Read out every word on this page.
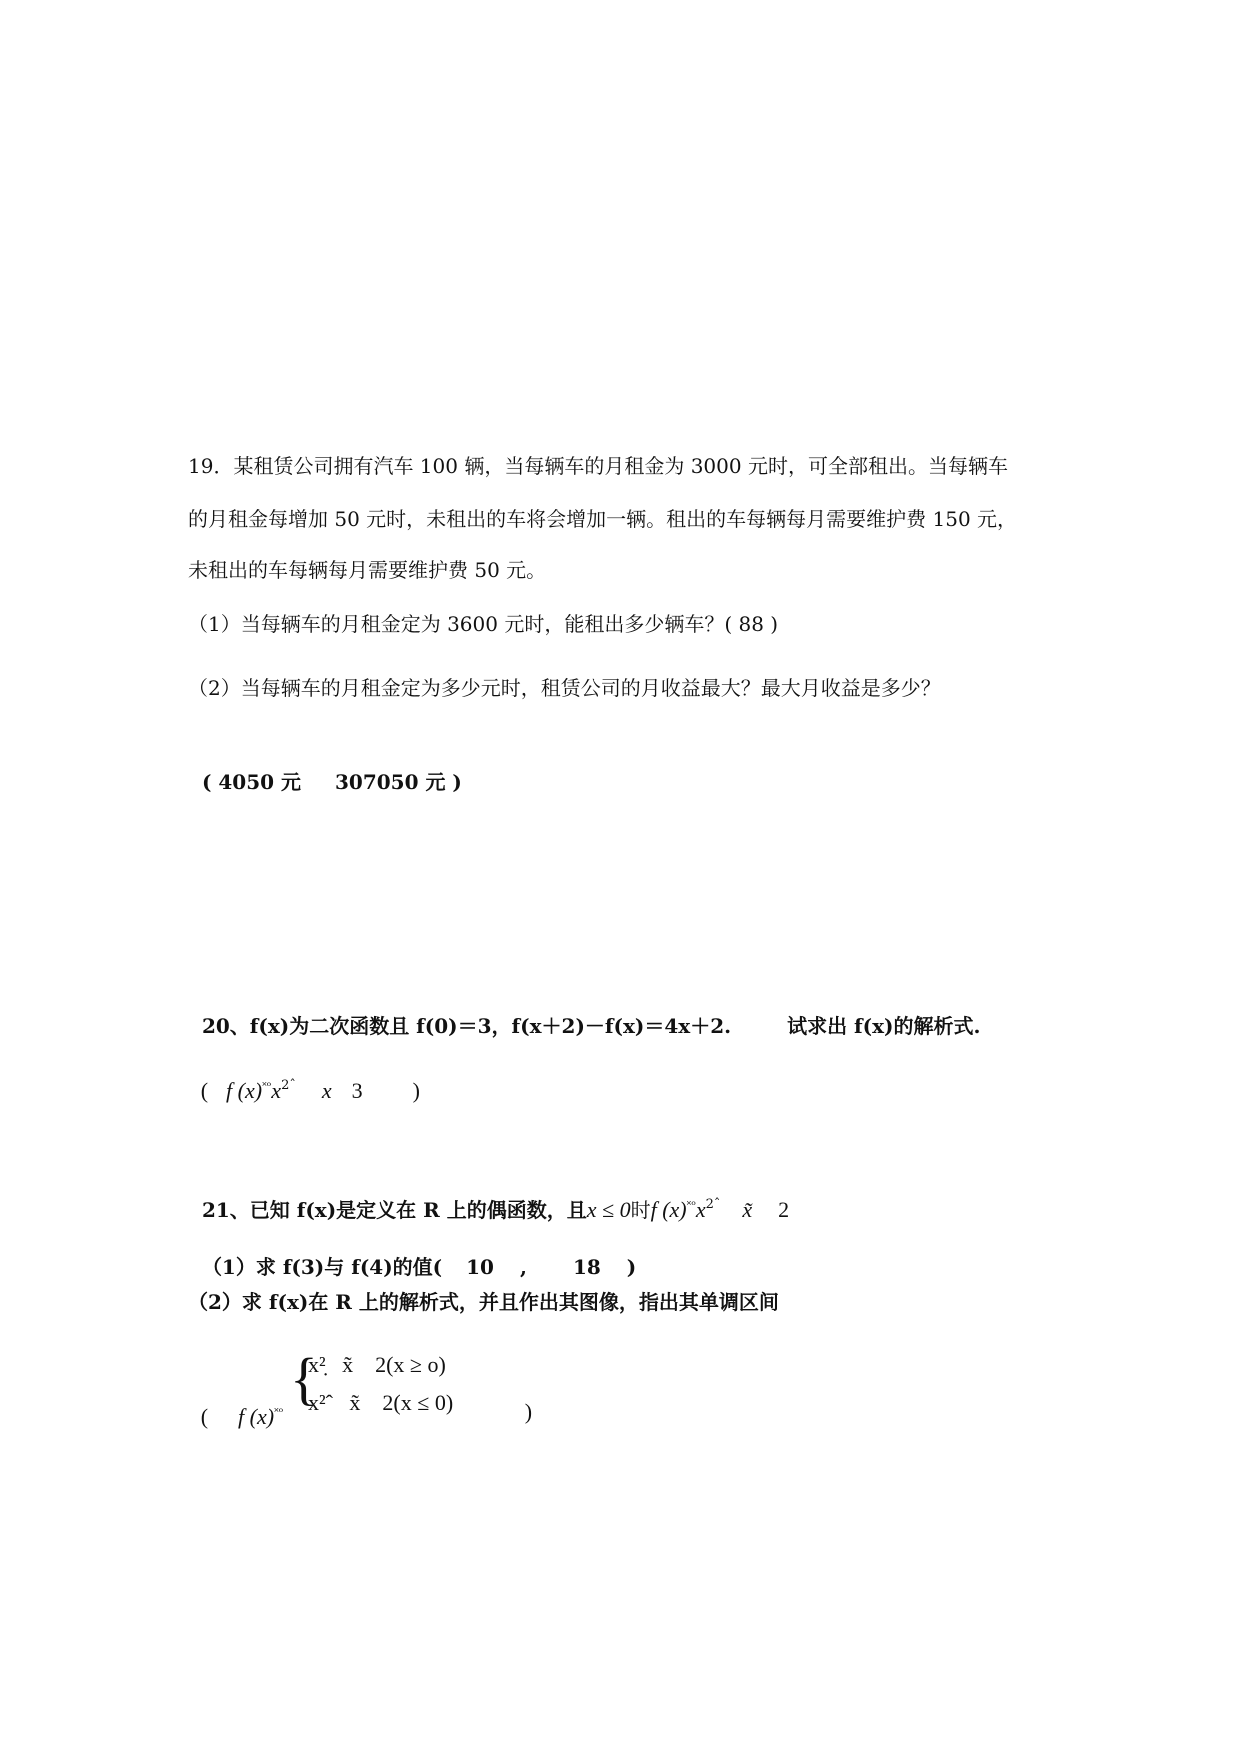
19．某租赁公司拥有汽车 100 辆，当每辆车的月租金为 3000 元时，可全部租出。当每辆车
的月租金每增加 50 元时，未租出的车将会增加一辆。租出的车每辆每月需要维护费 150 元，
未租出的车每辆每月需要维护费 50 元。
（1）当每辆车的月租金定为 3600 元时，能租出多少辆车？( 88 )
（2）当每辆车的月租金定为多少元时，租赁公司的月收益最大？最大月收益是多少？

( 4050 元 307050 元 )

20、f(x)为二次函数且 f(0)＝3，f(x＋2)－f(x)＝4x＋2.	试求出 f(x)的解析式.

( f $(x)^{˟ᵒ}x^{2ˆ}$ x 3 )

21、已知 f(x)是定义在 R 上的偶函数，且x ≤ 0时f $(x)^{˟ᵒ}x^{2ˆ}$ x̃ 2

（1）求 f(3)与 f(4)的值( 10 , 18 )

（2）求 f(x)在 R 上的解析式，并且作出其图像，指出其单调区间

( f $(x)^{˟ᵒ}$

{
x²̣   x̃    2(x ≥ o)
x²ˆ   x̃    2(x ≤ 0)	)
